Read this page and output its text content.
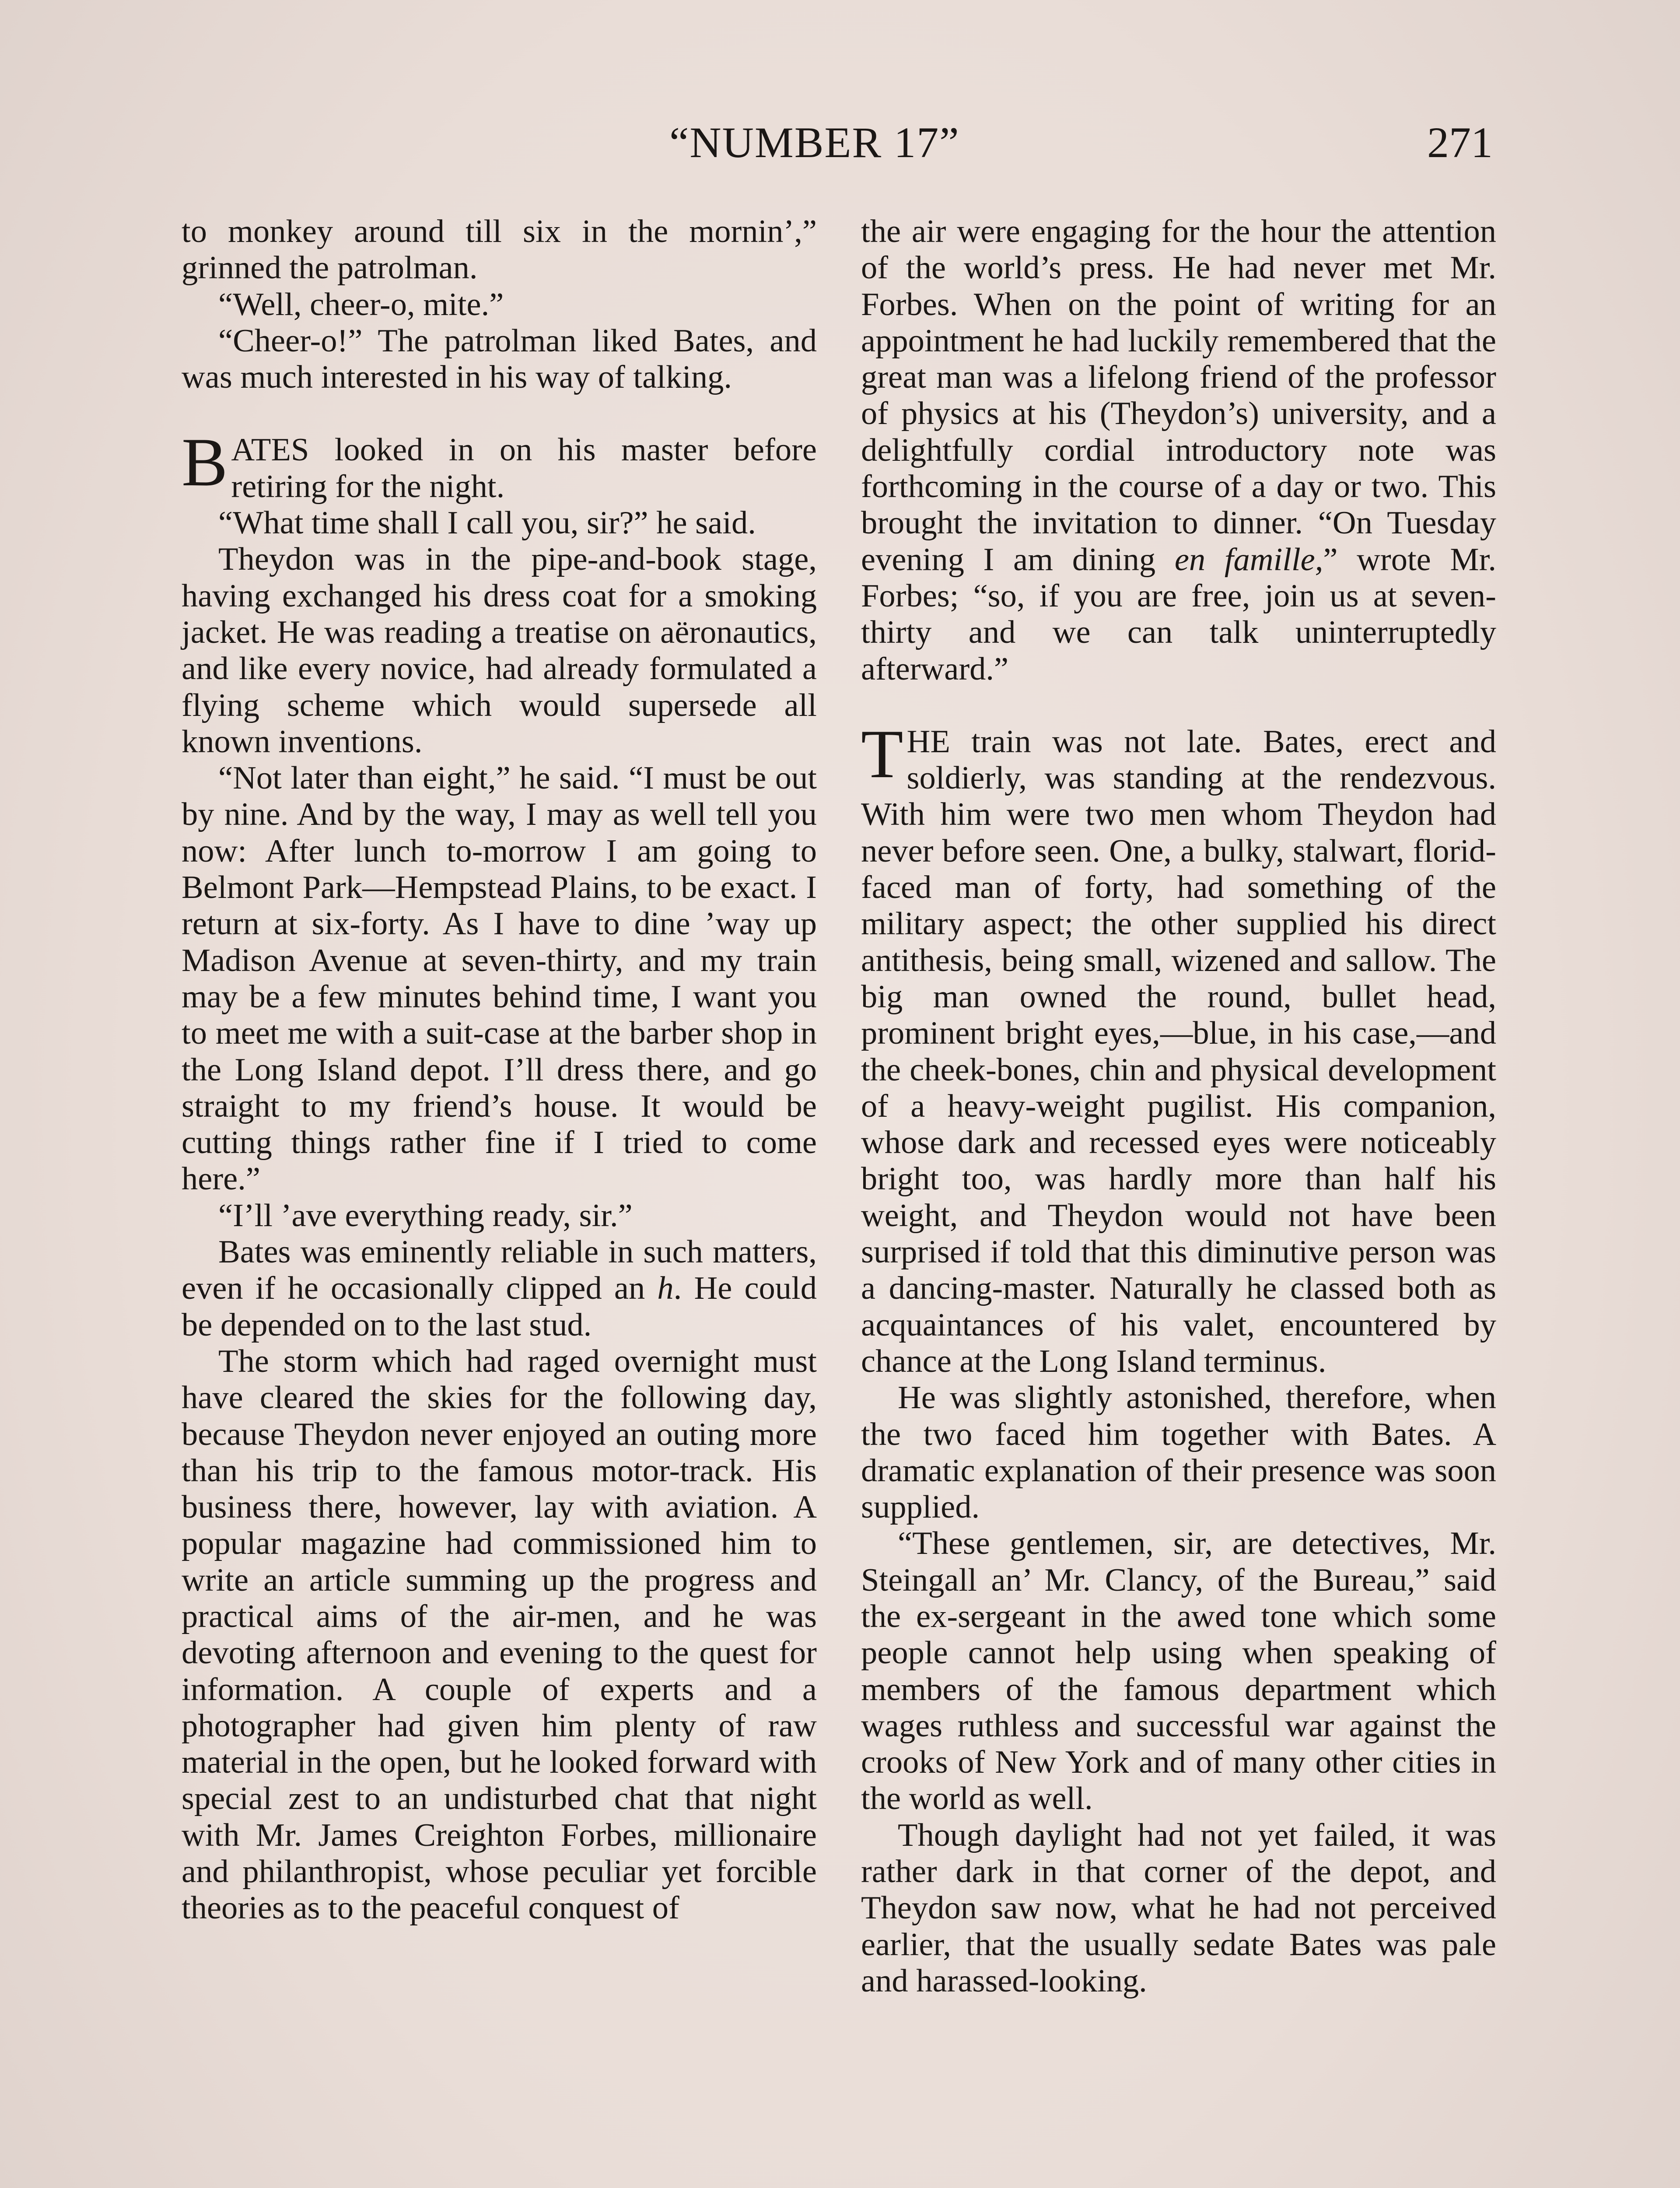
“NUMBER 17”	271

to monkey around till six in the mornin’,” grinned the patrolman.

“Well, cheer-o, mite.”

“Cheer-o!” The patrolman liked Bates, and was much interested in his way of talking.

BATES looked in on his master before retiring for the night.

“What time shall I call you, sir?” he said.

Theydon was in the pipe-and-book stage, having exchanged his dress coat for a smoking jacket. He was reading a treatise on aëronautics, and like every novice, had already formulated a flying scheme which would supersede all known inventions.

“Not later than eight,” he said. “I must be out by nine. And by the way, I may as well tell you now: After lunch to-morrow I am going to Belmont Park—Hempstead Plains, to be exact. I return at six-forty. As I have to dine ’way up Madison Avenue at seven-thirty, and my train may be a few minutes behind time, I want you to meet me with a suit-case at the barber shop in the Long Island depot. I’ll dress there, and go straight to my friend’s house. It would be cutting things rather fine if I tried to come here.”

“I’ll ’ave everything ready, sir.”

Bates was eminently reliable in such matters, even if he occasionally clipped an h. He could be depended on to the last stud.

The storm which had raged overnight must have cleared the skies for the following day, because Theydon never enjoyed an outing more than his trip to the famous motor-track. His business there, however, lay with aviation. A popular magazine had commissioned him to write an article summing up the progress and practical aims of the air-men, and he was devoting afternoon and evening to the quest for information. A couple of experts and a photographer had given him plenty of raw material in the open, but he looked forward with special zest to an undisturbed chat that night with Mr. James Creighton Forbes, millionaire and philanthropist, whose peculiar yet forcible theories as to the peaceful conquest of

the air were engaging for the hour the attention of the world’s press. He had never met Mr. Forbes. When on the point of writing for an appointment he had luckily remembered that the great man was a lifelong friend of the professor of physics at his (Theydon’s) university, and a delightfully cordial introductory note was forthcoming in the course of a day or two. This brought the invitation to dinner. “On Tuesday evening I am dining en famille,” wrote Mr. Forbes; “so, if you are free, join us at seven-thirty and we can talk uninterruptedly afterward.”

THE train was not late. Bates, erect and soldierly, was standing at the rendezvous. With him were two men whom Theydon had never before seen. One, a bulky, stalwart, florid-faced man of forty, had something of the military aspect; the other supplied his direct antithesis, being small, wizened and sallow. The big man owned the round, bullet head, prominent bright eyes,—blue, in his case,—and the cheek-bones, chin and physical development of a heavy-weight pugilist. His companion, whose dark and recessed eyes were noticeably bright too, was hardly more than half his weight, and Theydon would not have been surprised if told that this diminutive person was a dancing-master. Naturally he classed both as acquaintances of his valet, encountered by chance at the Long Island terminus.

He was slightly astonished, therefore, when the two faced him together with Bates. A dramatic explanation of their presence was soon supplied.

“These gentlemen, sir, are detectives, Mr. Steingall an’ Mr. Clancy, of the Bureau,” said the ex-sergeant in the awed tone which some people cannot help using when speaking of members of the famous department which wages ruthless and successful war against the crooks of New York and of many other cities in the world as well.

Though daylight had not yet failed, it was rather dark in that corner of the depot, and Theydon saw now, what he had not perceived earlier, that the usually sedate Bates was pale and harassed-looking.
